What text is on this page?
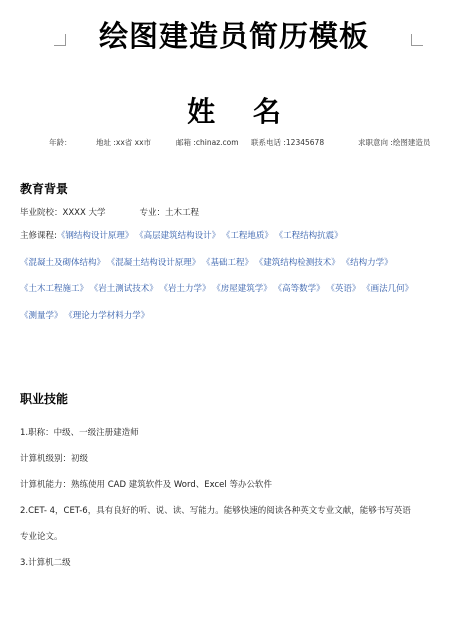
绘图建造员简历模板
姓 名
年龄：	地址 :xx省 xx市	邮箱 :chinaz.com 联系电话 :12345678	求职意向 :绘图建造员
教育背景
毕业院校：XXXX 大学	专业：土木工程
主修课程:《钢结构设计原理》 《高层建筑结构设计》 《工程地质》 《工程结构抗震》
《混凝土及砌体结构》 《混凝土结构设计原理》 《基础工程》 《建筑结构检测技术》 《结构力学》
《土木工程施工》 《岩土测试技术》 《岩土力学》 《房屋建筑学》 《高等数学》 《英语》 《画法几何》
《测量学》 《理论力学材料力学》
职业技能
1.职称：中级、一级注册建造师
计算机级别：初级
计算机能力：熟练使用 CAD 建筑软件及 Word、Excel 等办公软件
2.CET- 4，CET-6，具有良好的听、说、读、写能力。能够快速的阅读各种英文专业文献，能够书写英语
专业论文。
3.计算机二级
